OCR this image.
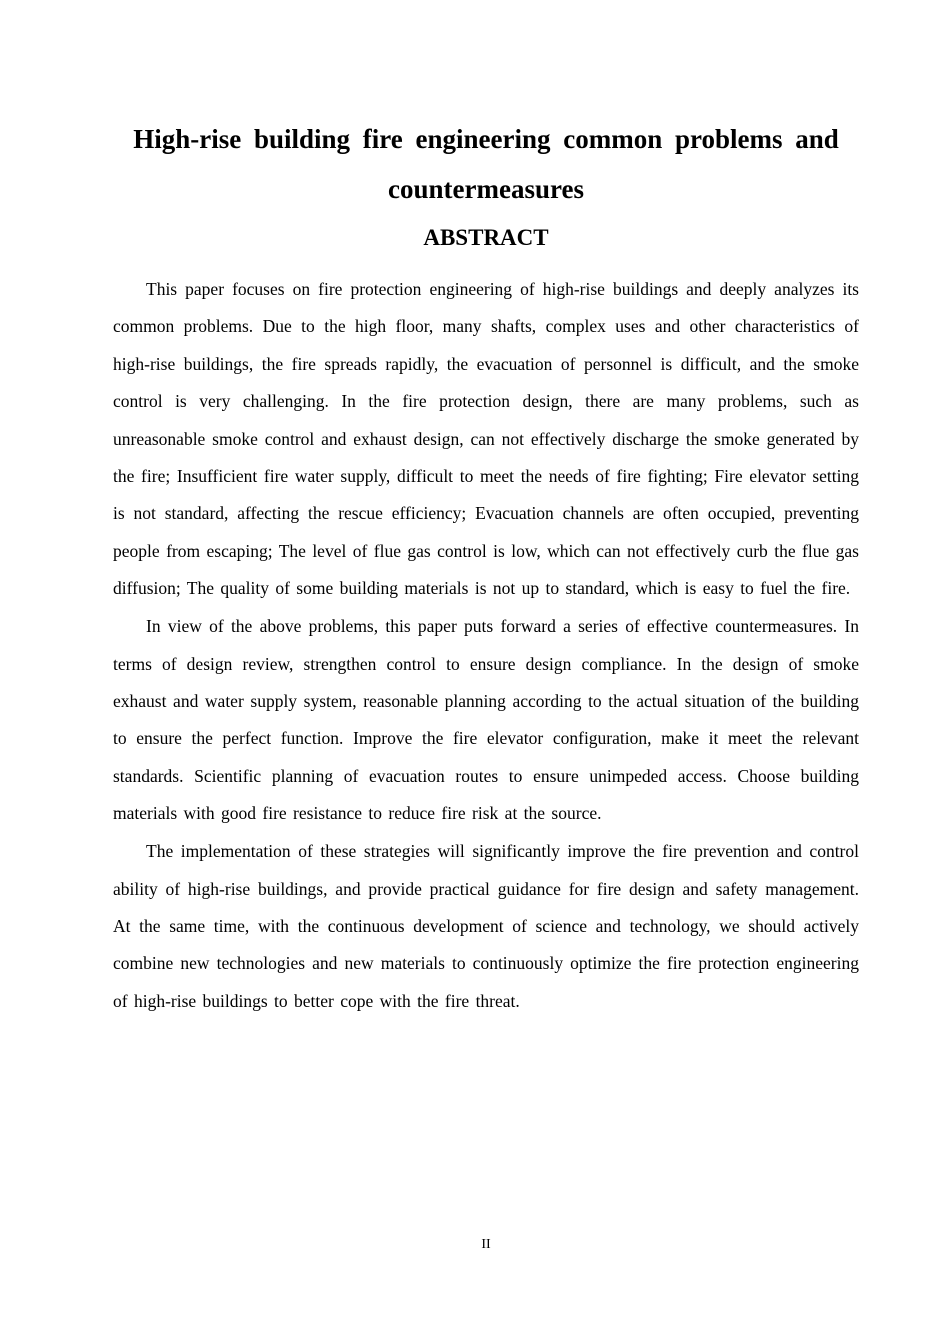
High-rise building fire engineering common problems and countermeasures
ABSTRACT

This paper focuses on fire protection engineering of high-rise buildings and deeply analyzes its common problems. Due to the high floor, many shafts, complex uses and other characteristics of high-rise buildings, the fire spreads rapidly, the evacuation of personnel is difficult, and the smoke control is very challenging. In the fire protection design, there are many problems, such as unreasonable smoke control and exhaust design, can not effectively discharge the smoke generated by the fire; Insufficient fire water supply, difficult to meet the needs of fire fighting; Fire elevator setting is not standard, affecting the rescue efficiency; Evacuation channels are often occupied, preventing people from escaping; The level of flue gas control is low, which can not effectively curb the flue gas diffusion; The quality of some building materials is not up to standard, which is easy to fuel the fire.

In view of the above problems, this paper puts forward a series of effective countermeasures. In terms of design review, strengthen control to ensure design compliance. In the design of smoke exhaust and water supply system, reasonable planning according to the actual situation of the building to ensure the perfect function. Improve the fire elevator configuration, make it meet the relevant standards. Scientific planning of evacuation routes to ensure unimpeded access. Choose building materials with good fire resistance to reduce fire risk at the source.

The implementation of these strategies will significantly improve the fire prevention and control ability of high-rise buildings, and provide practical guidance for fire design and safety management. At the same time, with the continuous development of science and technology, we should actively combine new technologies and new materials to continuously optimize the fire protection engineering of high-rise buildings to better cope with the fire threat.

II
